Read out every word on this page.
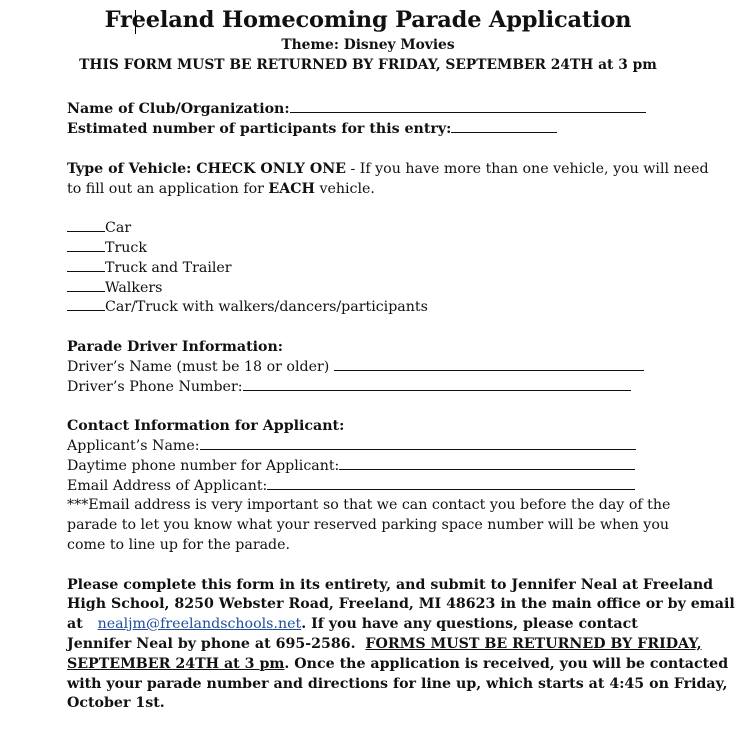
Freeland Homecoming Parade Application
Theme: Disney Movies
THIS FORM MUST BE RETURNED BY FRIDAY, SEPTEMBER 24TH at 3 pm
Name of Club/Organization:
Estimated number of participants for this entry:
Type of Vehicle: CHECK ONLY ONE - If you have more than one vehicle, you will need
to fill out an application for EACH vehicle.
Car
Truck
Truck and Trailer
Walkers
Car/Truck with walkers/dancers/participants
Parade Driver Information:
Driver’s Name (must be 18 or older)
Driver’s Phone Number:
Contact Information for Applicant:
Applicant’s Name:
Daytime phone number for Applicant:
Email Address of Applicant:
***Email address is very important so that we can contact you before the day of the
parade to let you know what your reserved parking space number will be when you
come to line up for the parade.
Please complete this form in its entirety, and submit to Jennifer Neal at Freeland
High School, 8250 Webster Road, Freeland, MI 48623 in the main office or by email
at   nealjm@freelandschools.net. If you have any questions, please contact
Jennifer Neal by phone at 695-2586.  FORMS MUST BE RETURNED BY FRIDAY,
SEPTEMBER 24TH at 3 pm. Once the application is received, you will be contacted
with your parade number and directions for line up, which starts at 4:45 on Friday,
October 1st.
